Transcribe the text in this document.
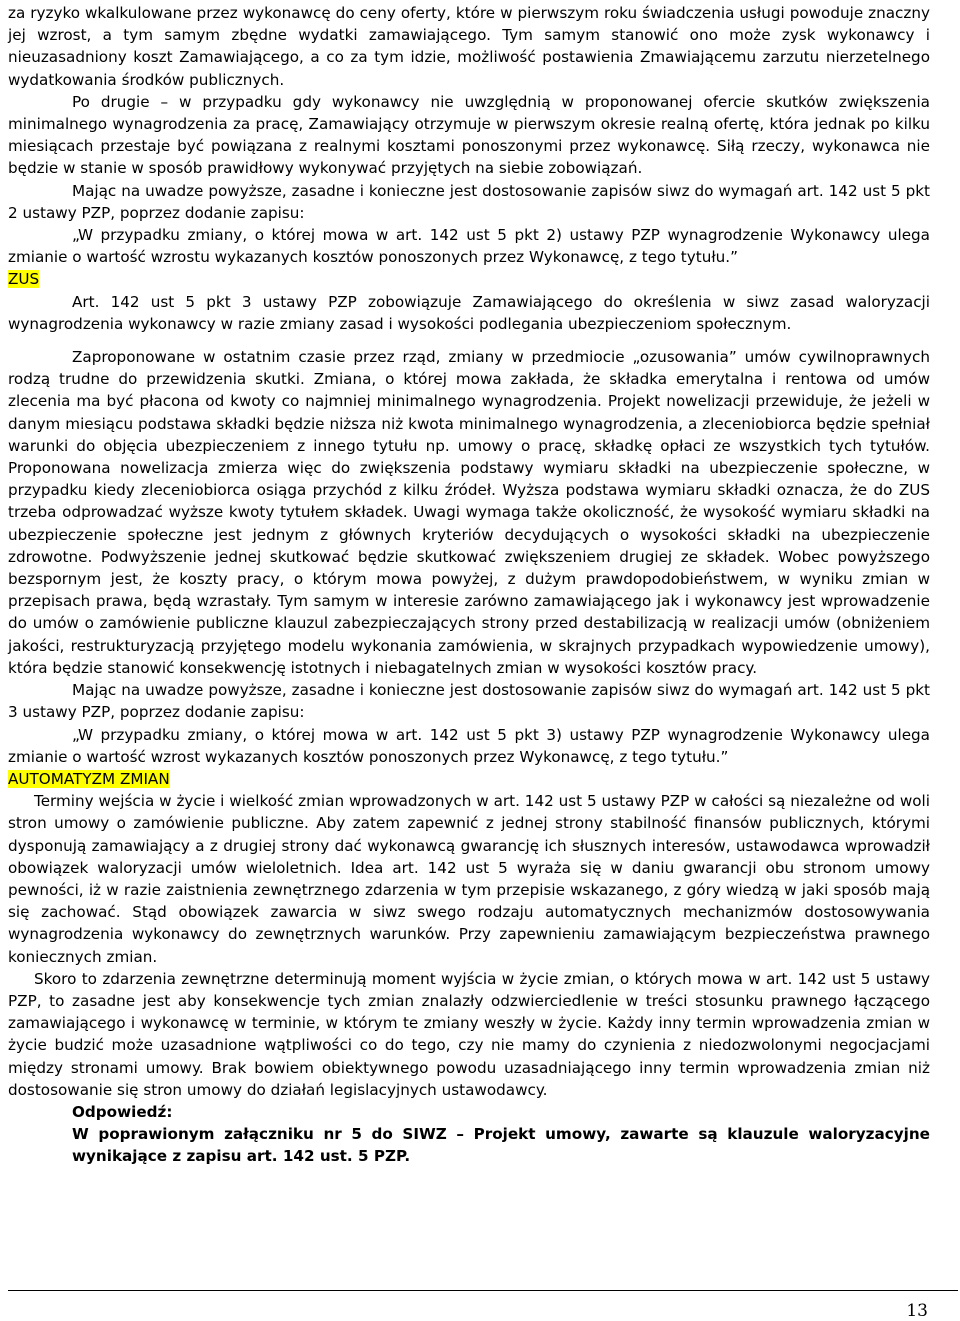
za ryzyko wkalkulowane przez wykonawcę do ceny oferty, które w pierwszym roku świadczenia usługi powoduje znaczny jej wzrost, a tym samym zbędne wydatki zamawiającego. Tym samym stanowić ono może zysk wykonawcy i nieuzasadniony koszt Zamawiającego, a co za tym idzie, możliwość postawienia Zmawiającemu zarzutu nierzetelnego wydatkowania środków publicznych.

Po drugie – w przypadku gdy wykonawcy nie uwzględnią w proponowanej ofercie skutków zwiększenia minimalnego wynagrodzenia za pracę, Zamawiający otrzymuje w pierwszym okresie realną ofertę, która jednak po kilku miesiącach przestaje być powiązana z realnymi kosztami ponoszonymi przez wykonawcę. Siłą rzeczy, wykonawca nie będzie w stanie w sposób prawidłowy wykonywać przyjętych na siebie zobowiązań.

Mając na uwadze powyższe, zasadne i konieczne jest dostosowanie zapisów siwz do wymagań art. 142 ust 5 pkt 2 ustawy PZP, poprzez dodanie zapisu:

„W przypadku zmiany, o której mowa w art. 142 ust 5 pkt 2) ustawy PZP wynagrodzenie Wykonawcy ulega zmianie o wartość wzrostu wykazanych kosztów ponoszonych przez Wykonawcę, z tego tytułu.”

ZUS

Art. 142 ust 5 pkt 3 ustawy PZP zobowiązuje Zamawiającego do określenia w siwz zasad waloryzacji wynagrodzenia wykonawcy w razie zmiany zasad i wysokości podlegania ubezpieczeniom społecznym.

Zaproponowane w ostatnim czasie przez rząd, zmiany w przedmiocie „ozusowania” umów cywilnoprawnych rodzą trudne do przewidzenia skutki. Zmiana, o której mowa zakłada, że składka emerytalna i rentowa od umów zlecenia ma być płacona od kwoty co najmniej minimalnego wynagrodzenia. Projekt nowelizacji przewiduje, że jeżeli w danym miesiącu podstawa składki będzie niższa niż kwota minimalnego wynagrodzenia, a zleceniobiorca będzie spełniał warunki do objęcia ubezpieczeniem z innego tytułu np. umowy o pracę, składkę opłaci ze wszystkich tych tytułów. Proponowana nowelizacja zmierza więc do zwiększenia podstawy wymiaru składki na ubezpieczenie społeczne, w przypadku kiedy zleceniobiorca osiąga przychód z kilku źródeł. Wyższa podstawa wymiaru składki oznacza, że do ZUS trzeba odprowadzać wyższe kwoty tytułem składek. Uwagi wymaga także okoliczność, że wysokość wymiaru składki na ubezpieczenie społeczne jest jednym z głównych kryteriów decydujących o wysokości składki na ubezpieczenie zdrowotne. Podwyższenie jednej skutkować będzie skutkować zwiększeniem drugiej ze składek. Wobec powyższego bezspornym jest, że koszty pracy, o którym mowa powyżej, z dużym prawdopodobieństwem, w wyniku zmian w przepisach prawa, będą wzrastały. Tym samym w interesie zarówno zamawiającego jak i wykonawcy jest wprowadzenie do umów o zamówienie publiczne klauzul zabezpieczających strony przed destabilizacją w realizacji umów (obniżeniem jakości, restrukturyzacją przyjętego modelu wykonania zamówienia, w skrajnych przypadkach wypowiedzenie umowy), która będzie stanowić konsekwencję istotnych i niebagatelnych zmian w wysokości kosztów pracy.

Mając na uwadze powyższe, zasadne i konieczne jest dostosowanie zapisów siwz do wymagań art. 142 ust 5 pkt 3 ustawy PZP, poprzez dodanie zapisu:

„W przypadku zmiany, o której mowa w art. 142 ust 5 pkt 3) ustawy PZP wynagrodzenie Wykonawcy ulega zmianie o wartość wzrost wykazanych kosztów ponoszonych przez Wykonawcę, z tego tytułu.”

AUTOMATYZM ZMIAN

Terminy wejścia w życie i wielkość zmian wprowadzonych w art. 142 ust 5 ustawy PZP w całości są niezależne od woli stron umowy o zamówienie publiczne. Aby zatem zapewnić z jednej strony stabilność finansów publicznych, którymi dysponują zamawiający a z drugiej strony dać wykonawcą gwarancję ich słusznych interesów, ustawodawca wprowadził obowiązek waloryzacji umów wieloletnich. Idea art. 142 ust 5 wyraża się w daniu gwarancji obu stronom umowy pewności, iż w razie zaistnienia zewnętrznego zdarzenia w tym przepisie wskazanego, z góry wiedzą w jaki sposób mają się zachować. Stąd obowiązek zawarcia w siwz swego rodzaju automatycznych mechanizmów dostosowywania wynagrodzenia wykonawcy do zewnętrznych warunków. Przy zapewnieniu zamawiającym bezpieczeństwa prawnego koniecznych zmian.

Skoro to zdarzenia zewnętrzne determinują moment wyjścia w życie zmian, o których mowa w art. 142 ust 5 ustawy PZP, to zasadne jest aby konsekwencje tych zmian znalazły odzwierciedlenie w treści stosunku prawnego łączącego zamawiającego i wykonawcę w terminie, w którym te zmiany weszły w życie. Każdy inny termin wprowadzenia zmian w życie budzić może uzasadnione wątpliwości co do tego, czy nie mamy do czynienia z niedozwolonymi negocjacjami między stronami umowy. Brak bowiem obiektywnego powodu uzasadniającego inny termin wprowadzenia zmian niż dostosowanie się stron umowy do działań legislacyjnych ustawodawcy.

Odpowiedź:

W poprawionym załączniku nr 5 do SIWZ – Projekt umowy, zawarte są klauzule waloryzacyjne wynikające z zapisu art. 142 ust. 5 PZP.

13
